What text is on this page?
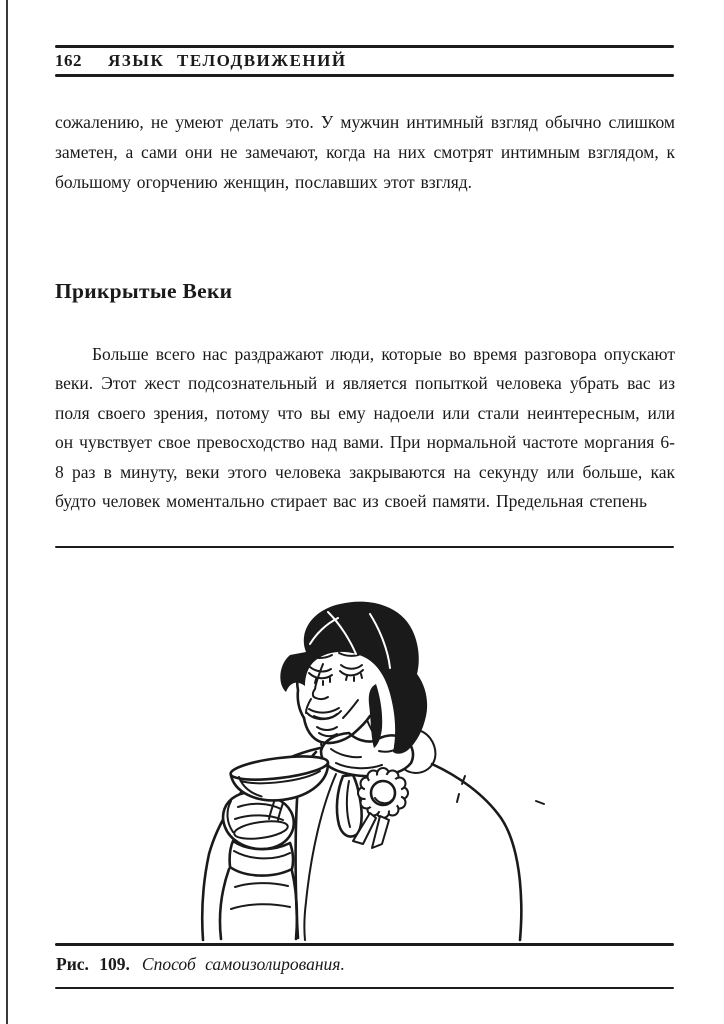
162 ЯЗЫК ТЕЛОДВИЖЕНИЙ

сожалению, не умеют делать это. У мужчин интимный взгляд обычно слишком заметен, а сами они не замечают, когда на них смотрят интимным взглядом, к большому огорчению женщин, пославших этот взгляд.

Прикрытые Веки

Больше всего нас раздражают люди, которые во время разговора опускают веки. Этот жест подсознательный и является попыткой человека убрать вас из поля своего зрения, потому что вы ему надоели или стали неинтересным, или он чувствует свое превосходство над вами. При нормальной частоте моргания 6-8 раз в минуту, веки этого человека закрываются на секунду или больше, как будто человек моментально стирает вас из своей памяти. Предельная степень

Рис. 109. Способ самоизолирования.
